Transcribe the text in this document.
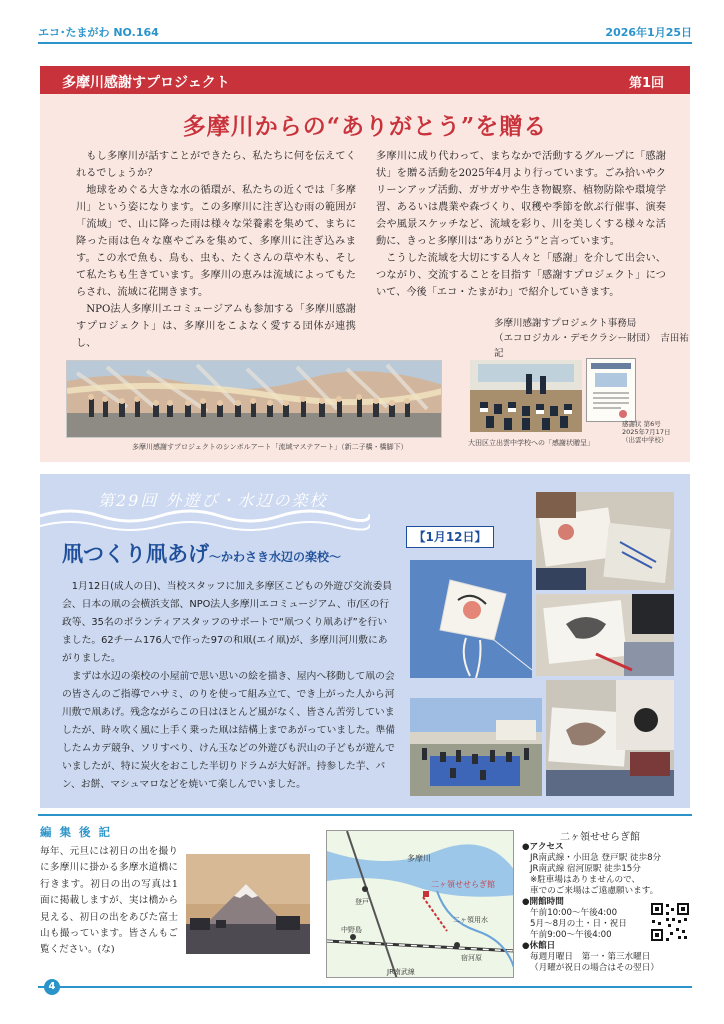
エコ･たまがわ NO.164	2026年1月25日
多摩川感謝すプロジェクト	第1回
多摩川からの“ありがとう”を贈る

もし多摩川が話すことができたら、私たちに何を伝えてくれるでしょうか？

地球をめぐる大きな水の循環が、私たちの近くでは「多摩川」という姿になります。この多摩川に注ぎ込む雨の範囲が「流域」で、山に降った雨は様々な栄養素を集めて、まちに降った雨は色々な塵やごみを集めて、多摩川に注ぎ込みます。この水で魚も、鳥も、虫も、たくさんの草や木も、そして私たちも生きています。多摩川の恵みは流域によってもたらされ、流域に花開きます。

NPO法人多摩川エコミュージアムも参加する「多摩川感謝すプロジェクト」は、多摩川をこよなく愛する団体が連携し、

多摩川に成り代わって、まちなかで活動するグループに「感謝状」を贈る活動を2025年4月より行っています。ごみ拾いやクリーンアップ活動、ガサガサや生き物観察、植物防除や環境学習、あるいは農業や森づくり、収穫や季節を飲ぶ行催事、演奏会や風景スケッチなど、流域を彩り、川を美しくする様々な活動に、きっと多摩川は“ありがとう”と言っています。

こうした流域を大切にする人々と「感謝」を介して出会い、つながり、交流することを目指す「感謝すプロジェクト」について、今後「エコ・たまがわ」で紹介していきます。

多摩川感謝すプロジェクト事務局
（エコロジカル・デモクラシー財団）　吉田祐記
多摩川感謝すプロジェクトのシンボルアート「流域マステアート」（新二子橋・橋脚下）	大田区立出雲中学校への「感謝状贈呈」
感謝状 第6号
2025年7月17日
（出雲中学校）
第29回 外遊び・水辺の楽校
凧つくり凧あげ～かわさき水辺の楽校～
【1月12日】

1月12日(成人の日)、当校スタッフに加え多摩区こどもの外遊び交流委員会、日本の凧の会横浜支部、NPO法人多摩川エコミュージアム、市/区の行政等、35名のボランティアスタッフのサポートで“凧つくり凧あげ”を行いました。62チーム176人で作った97の和凧(エイ凧)が、多摩川河川敷にあがりました。

まずは水辺の楽校の小屋前で思い思いの絵を描き、屋内へ移動して凧の会の皆さんのご指導でハサミ、のりを使って組み立て、でき上がった人から河川敷で凧あげ。残念ながらこの日はほとんど風がなく、皆さん苦労していましたが、時々吹く風に上手く乗った凧は結構上まであがっていました。準備したムカデ競争、ソリすべり、けん玉などの外遊びも沢山の子どもが遊んでいましたが、特に炭火をおこした半切りドラムが大好評。持参した芋、パン、お餅、マシュマロなどを焼いて楽しんでいました。

編 集 後 記
毎年、元旦には初日の出を撮りに多摩川に掛かる多摩水道橋に行きます。初日の出の写真は1面に掲載しますが、実は橋から見える、初日の出をあびた富士山も撮っています。皆さんもご覧ください。(な)
二ヶ領せせらぎ館
多摩川
二ヶ領用水
登戸
中野島
宿河原
JR南武線
二ヶ領せせらぎ館
●アクセス
JR南武線・小田急 登戸駅 徒歩8分
JR南武線 宿河原駅 徒歩15分
※駐車場はありませんので、
車でのご来場はご遠慮願います。
●開館時間
午前10:00～午後4:00
5月～8月の土・日・祝日
午前9:00～午後4:00
●休館日
毎週月曜日　第一・第三水曜日
（月曜が祝日の場合はその翌日）
4
